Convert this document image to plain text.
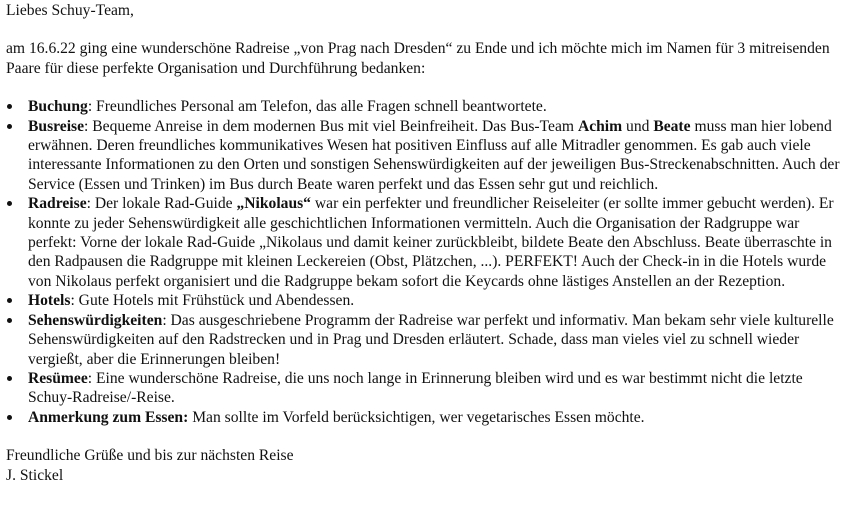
Liebes Schuy-Team,

am 16.6.22 ging eine wunderschöne Radreise „von Prag nach Dresden“ zu Ende und ich möchte mich im Namen für 3 mitreisenden Paare für diese perfekte Organisation und Durchführung bedanken:

Buchung: Freundliches Personal am Telefon, das alle Fragen schnell beantwortete.
Busreise: Bequeme Anreise in dem modernen Bus mit viel Beinfreiheit. Das Bus-Team Achim und Beate muss man hier lobend erwähnen. Deren freundliches kommunikatives Wesen hat positiven Einfluss auf alle Mitradler genommen. Es gab auch viele interessante Informationen zu den Orten und sonstigen Sehenswürdigkeiten auf der jeweiligen Bus-Streckenabschnitten. Auch der Service (Essen und Trinken) im Bus durch Beate waren perfekt und das Essen sehr gut und reichlich.
Radreise: Der lokale Rad-Guide „Nikolaus“ war ein perfekter und freundlicher Reiseleiter (er sollte immer gebucht werden). Er konnte zu jeder Sehenswürdigkeit alle geschichtlichen Informationen vermitteln. Auch die Organisation der Radgruppe war perfekt: Vorne der lokale Rad-Guide „Nikolaus und damit keiner zurückbleibt, bildete Beate den Abschluss. Beate überraschte in den Radpausen die Radgruppe mit kleinen Leckereien (Obst, Plätzchen, ...). PERFEKT! Auch der Check-in in die Hotels wurde von Nikolaus perfekt organisiert und die Radgruppe bekam sofort die Keycards ohne lästiges Anstellen an der Rezeption.
Hotels: Gute Hotels mit Frühstück und Abendessen.
Sehenswürdigkeiten: Das ausgeschriebene Programm der Radreise war perfekt und informativ. Man bekam sehr viele kulturelle Sehenswürdigkeiten auf den Radstrecken und in Prag und Dresden erläutert. Schade, dass man vieles viel zu schnell wieder vergießt, aber die Erinnerungen bleiben!
Resümee: Eine wunderschöne Radreise, die uns noch lange in Erinnerung bleiben wird und es war bestimmt nicht die letzte Schuy-Radreise/-Reise.
Anmerkung zum Essen: Man sollte im Vorfeld berücksichtigen, wer vegetarisches Essen möchte.

Freundliche Grüße und bis zur nächsten Reise

J. Stickel
